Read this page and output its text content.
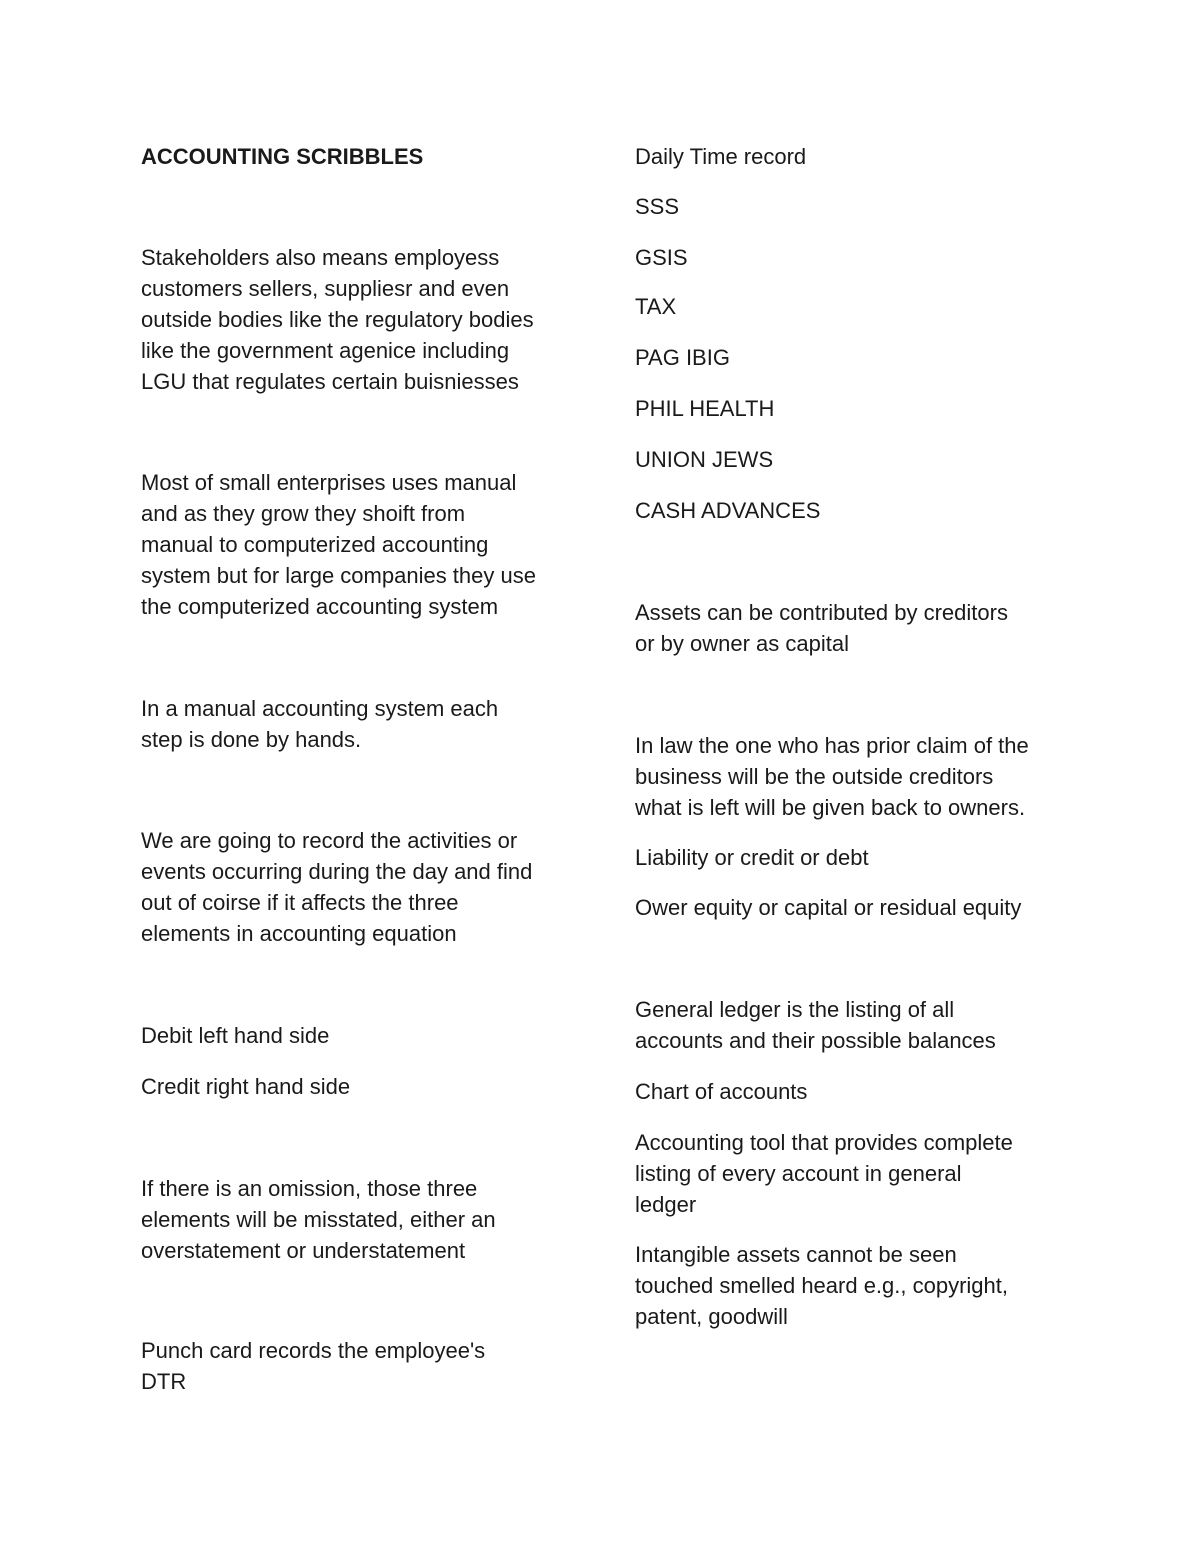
ACCOUNTING SCRIBBLES

Stakeholders also means employess
customers sellers, suppliesr and even
outside bodies like the regulatory bodies
like the government agenice including
LGU that regulates certain buisniesses

Most of small enterprises uses manual
and as they grow they shoift from
manual to computerized accounting
system but for large companies they use
the computerized accounting system

In a manual accounting system each
step is done by hands.

We are going to record the activities or
events occurring during the day and find
out of coirse if it affects the three
elements in accounting equation

Debit left hand side

Credit right hand side

If there is an omission, those three
elements will be misstated, either an
overstatement or understatement

Punch card records the employee's
DTR

Daily Time record

SSS

GSIS

TAX

PAG IBIG

PHIL HEALTH

UNION JEWS

CASH ADVANCES

Assets can be contributed by creditors
or by owner as capital

In law the one who has prior claim of the
business will be the outside creditors
what is left will be given back to owners.

Liability or credit or debt

Ower equity or capital or residual equity

General ledger is the listing of all
accounts and their possible balances

Chart of accounts

Accounting tool that provides complete
listing of every account in general
ledger

Intangible assets cannot be seen
touched smelled heard e.g., copyright,
patent, goodwill
